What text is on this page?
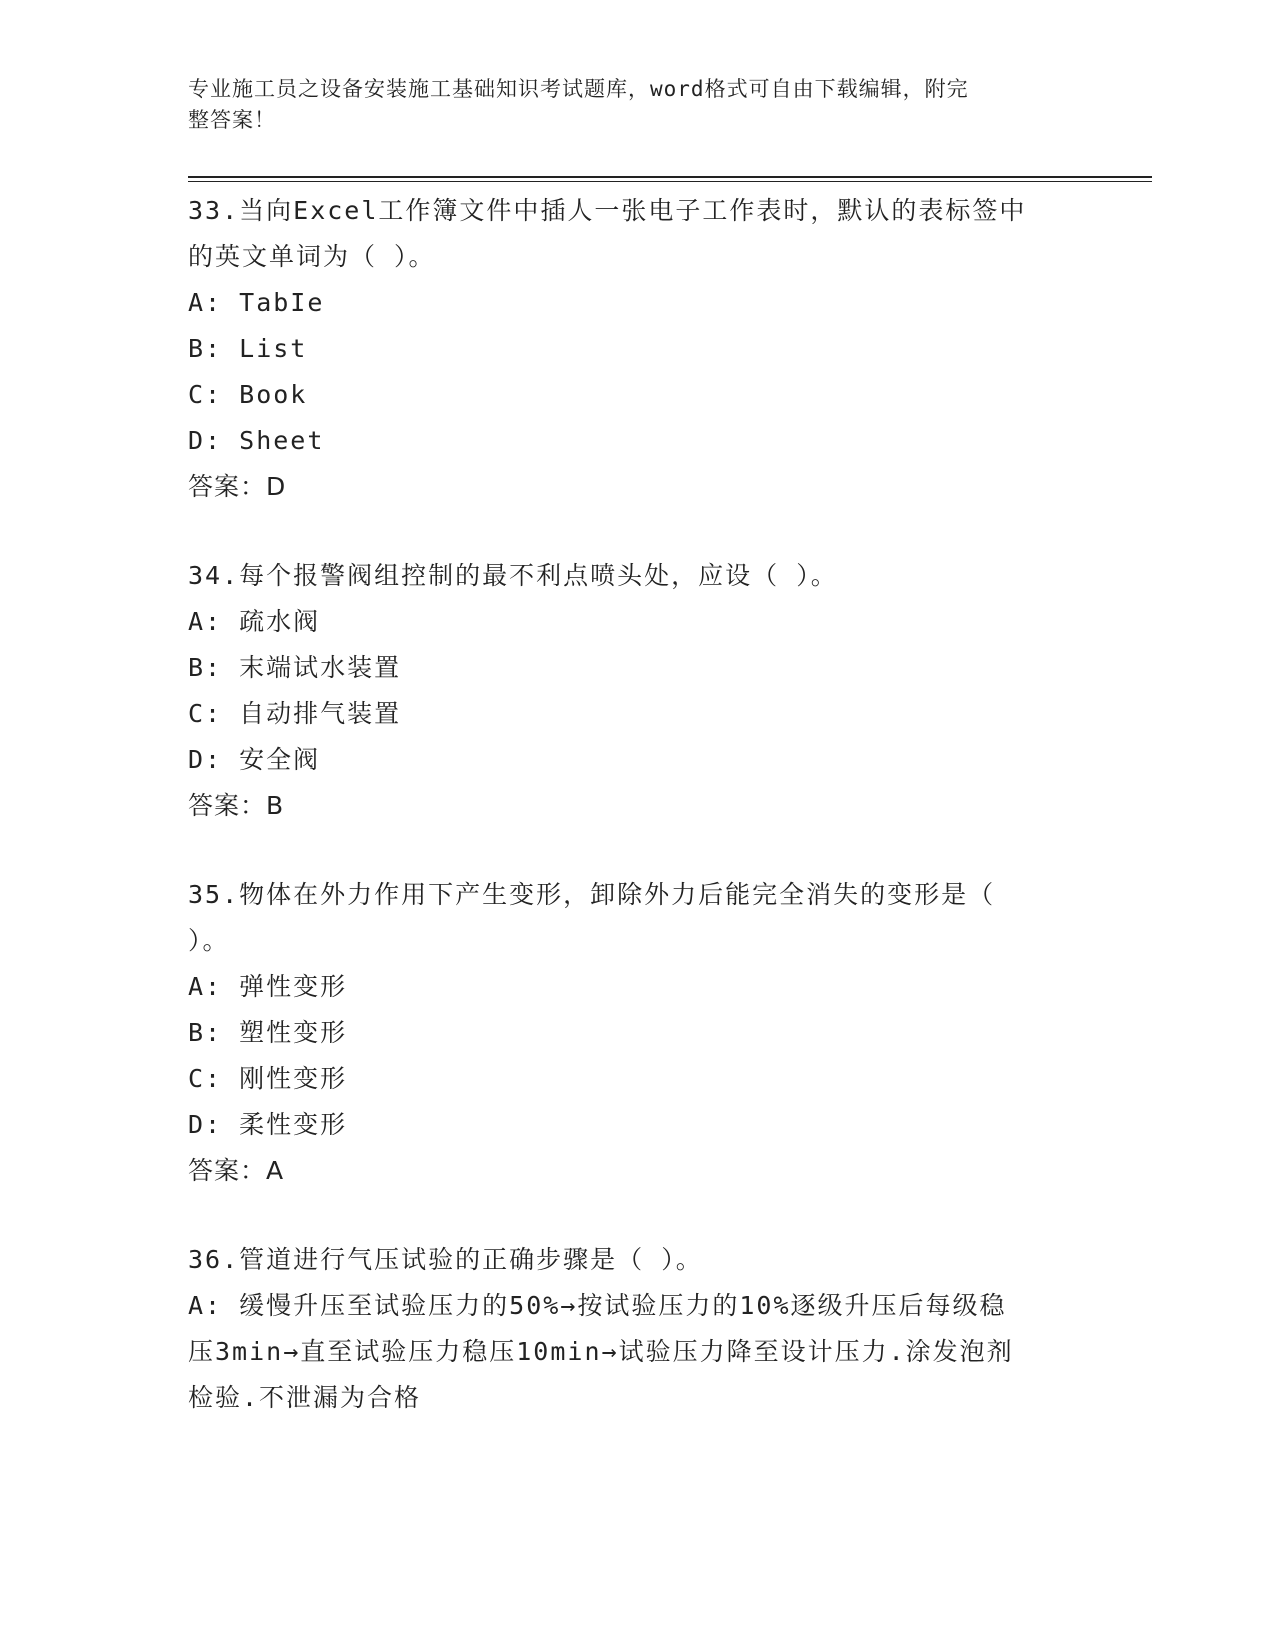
专业施工员之设备安装施工基础知识考试题库，word格式可自由下载编辑，附完
整答案！
33.当向Excel工作簿文件中插人一张电子工作表时，默认的表标签中
的英文单词为（ ）。
A: TabIe
B: List
C: Book
D: Sheet
答案：D
34.每个报警阀组控制的最不利点喷头处，应设（ ）。
A: 疏水阀
B: 末端试水装置
C: 自动排气装置
D: 安全阀
答案：B
35.物体在外力作用下产生变形，卸除外力后能完全消失的变形是（
）。
A: 弹性变形
B: 塑性变形
C: 刚性变形
D: 柔性变形
答案：A
36.管道进行气压试验的正确步骤是（ ）。
A: 缓慢升压至试验压力的50%→按试验压力的10%逐级升压后每级稳
压3min→直至试验压力稳压10min→试验压力降至设计压力.涂发泡剂
检验.不泄漏为合格
